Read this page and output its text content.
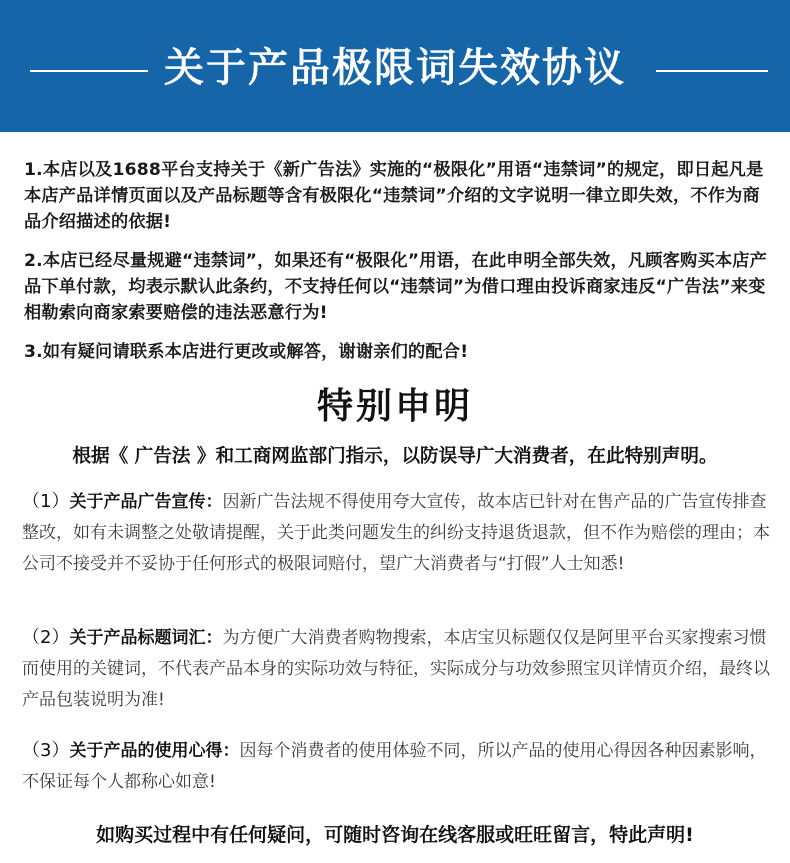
关于产品极限词失效协议
1.本店以及1688平台支持关于《新广告法》实施的“极限化”用语“违禁词”的规定，即日起凡是本店产品详情页面以及产品标题等含有极限化“违禁词”介绍的文字说明一律立即失效，不作为商品介绍描述的依据!
2.本店已经尽量规避“违禁词”，如果还有“极限化”用语，在此申明全部失效，凡顾客购买本店产品下单付款，均表示默认此条约，不支持任何以“违禁词”为借口理由投诉商家违反“广告法”来变相勒索向商家索要赔偿的违法恶意行为!
3.如有疑问请联系本店进行更改或解答，谢谢亲们的配合!
特别申明
根据《 广告法 》和工商网监部门指示，以防误导广大消费者，在此特别声明。
（1）关于产品广告宣传：因新广告法规不得使用夸大宣传，故本店已针对在售产品的广告宣传排查整改，如有未调整之处敬请提醒，关于此类问题发生的纠纷支持退货退款，但不作为赔偿的理由；本公司不接受并不妥协于任何形式的极限词赔付，望广大消费者与“打假”人士知悉!
（2）关于产品标题词汇：为方便广大消费者购物搜索，本店宝贝标题仅仅是阿里平台买家搜索习惯而使用的关键词，不代表产品本身的实际功效与特征，实际成分与功效参照宝贝详情页介绍，最终以产品包装说明为准!
（3）关于产品的使用心得：因每个消费者的使用体验不同，所以产品的使用心得因各种因素影响，不保证每个人都称心如意!
如购买过程中有任何疑问，可随时咨询在线客服或旺旺留言，特此声明!
